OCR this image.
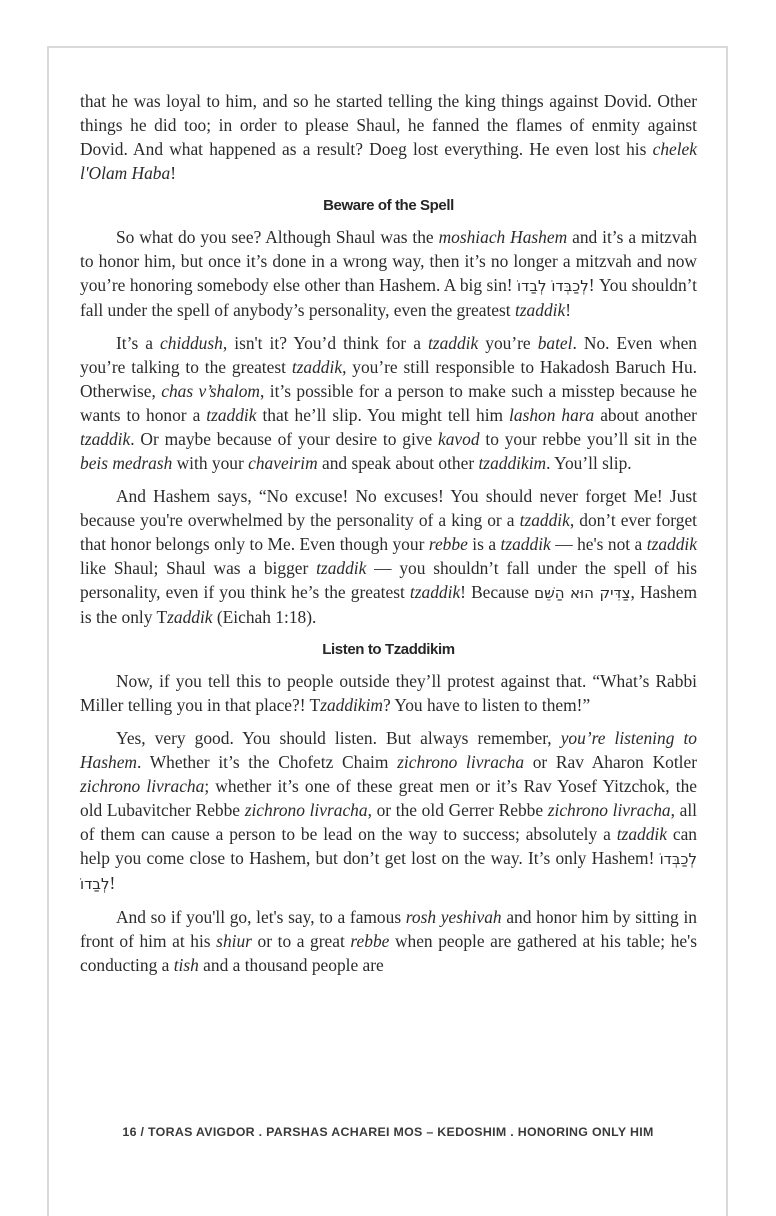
that he was loyal to him, and so he started telling the king things against Dovid. Other things he did too; in order to please Shaul, he fanned the flames of enmity against Dovid. And what happened as a result? Doeg lost everything. He even lost his chelek l'Olam Haba!

Beware of the Spell

So what do you see? Although Shaul was the moshiach Hashem and it’s a mitzvah to honor him, but once it’s done in a wrong way, then it’s no longer a mitzvah and now you’re honoring somebody else other than Hashem. A big sin! לְכַבְּדוֹ לְבַדוֹ! You shouldn’t fall under the spell of anybody’s personality, even the greatest tzaddik!

It’s a chiddush, isn't it? You’d think for a tzaddik you’re batel. No. Even when you’re talking to the greatest tzaddik, you’re still responsible to Hakadosh Baruch Hu. Otherwise, chas v’shalom, it’s possible for a person to make such a misstep because he wants to honor a tzaddik that he’ll slip. You might tell him lashon hara about another tzaddik. Or maybe because of your desire to give kavod to your rebbe you’ll sit in the beis medrash with your chaveirim and speak about other tzaddikim. You’ll slip.

And Hashem says, “No excuse! No excuses! You should never forget Me! Just because you're overwhelmed by the personality of a king or a tzaddik, don’t ever forget that honor belongs only to Me. Even though your rebbe is a tzaddik — he's not a tzaddik like Shaul; Shaul was a bigger tzaddik — you shouldn’t fall under the spell of his personality, even if you think he’s the greatest tzaddik! Because צַדִּיק הוּא הַשֵּׁם, Hashem is the only Tzaddik (Eichah 1:18).

Listen to Tzaddikim

Now, if you tell this to people outside they’ll protest against that. “What’s Rabbi Miller telling you in that place?! Tzaddikim? You have to listen to them!”

Yes, very good. You should listen. But always remember, you’re listening to Hashem. Whether it’s the Chofetz Chaim zichrono livracha or Rav Aharon Kotler zichrono livracha; whether it’s one of these great men or it’s Rav Yosef Yitzchok, the old Lubavitcher Rebbe zichrono livracha, or the old Gerrer Rebbe zichrono livracha, all of them can cause a person to be lead on the way to success; absolutely a tzaddik can help you come close to Hashem, but don’t get lost on the way. It’s only Hashem! לְכַבְּדוֹ לְבַדוֹ!

And so if you'll go, let's say, to a famous rosh yeshivah and honor him by sitting in front of him at his shiur or to a great rebbe when people are gathered at his table; he's conducting a tish and a thousand people are

16 / TORAS AVIGDOR . PARSHAS ACHAREI MOS – KEDOSHIM . HONORING ONLY HIM
